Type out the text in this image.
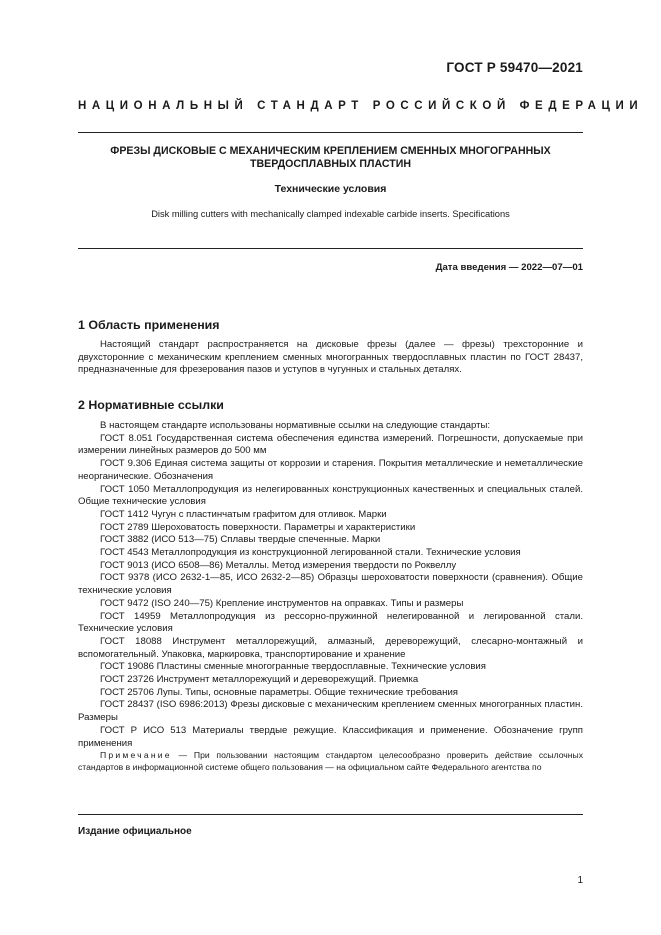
ГОСТ Р 59470—2021
НАЦИОНАЛЬНЫЙ СТАНДАРТ РОССИЙСКОЙ ФЕДЕРАЦИИ
ФРЕЗЫ ДИСКОВЫЕ С МЕХАНИЧЕСКИМ КРЕПЛЕНИЕМ СМЕННЫХ МНОГОГРАННЫХ
ТВЕРДОСПЛАВНЫХ ПЛАСТИН
Технические условия
Disk milling cutters with mechanically clamped indexable carbide inserts. Specifications
Дата введения — 2022—07—01
1 Область применения

Настоящий стандарт распространяется на дисковые фрезы (далее — фрезы) трехсторонние и двухсторонние с механическим креплением сменных многогранных твердосплавных пластин по ГОСТ 28437, предназначенные для фрезерования пазов и уступов в чугунных и стальных деталях.

2 Нормативные ссылки

В настоящем стандарте использованы нормативные ссылки на следующие стандарты:

ГОСТ 8.051 Государственная система обеспечения единства измерений. Погрешности, допускаемые при измерении линейных размеров до 500 мм

ГОСТ 9.306 Единая система защиты от коррозии и старения. Покрытия металлические и неметаллические неорганические. Обозначения

ГОСТ 1050 Металлопродукция из нелегированных конструкционных качественных и специальных сталей. Общие технические условия

ГОСТ 1412 Чугун с пластинчатым графитом для отливок. Марки

ГОСТ 2789 Шероховатость поверхности. Параметры и характеристики

ГОСТ 3882 (ИСО 513—75) Сплавы твердые спеченные. Марки

ГОСТ 4543 Металлопродукция из конструкционной легированной стали. Технические условия

ГОСТ 9013 (ИСО 6508—86) Металлы. Метод измерения твердости по Роквеллу

ГОСТ 9378 (ИСО 2632-1—85, ИСО 2632-2—85) Образцы шероховатости поверхности (сравнения). Общие технические условия

ГОСТ 9472 (ISO 240—75) Крепление инструментов на оправках. Типы и размеры

ГОСТ 14959 Металлопродукция из рессорно-пружинной нелегированной и легированной стали. Технические условия

ГОСТ 18088 Инструмент металлорежущий, алмазный, дереворежущий, слесарно-монтажный и вспомогательный. Упаковка, маркировка, транспортирование и хранение

ГОСТ 19086 Пластины сменные многогранные твердосплавные. Технические условия

ГОСТ 23726 Инструмент металлорежущий и дереворежущий. Приемка

ГОСТ 25706 Лупы. Типы, основные параметры. Общие технические требования

ГОСТ 28437 (ISO 6986:2013) Фрезы дисковые с механическим креплением сменных многогранных пластин. Размеры

ГОСТ Р ИСО 513 Материалы твердые режущие. Классификация и применение. Обозначение групп применения

Примечание — При пользовании настоящим стандартом целесообразно проверить действие ссылочных стандартов в информационной системе общего пользования — на официальном сайте Федерального агентства по
Издание официальное
1
